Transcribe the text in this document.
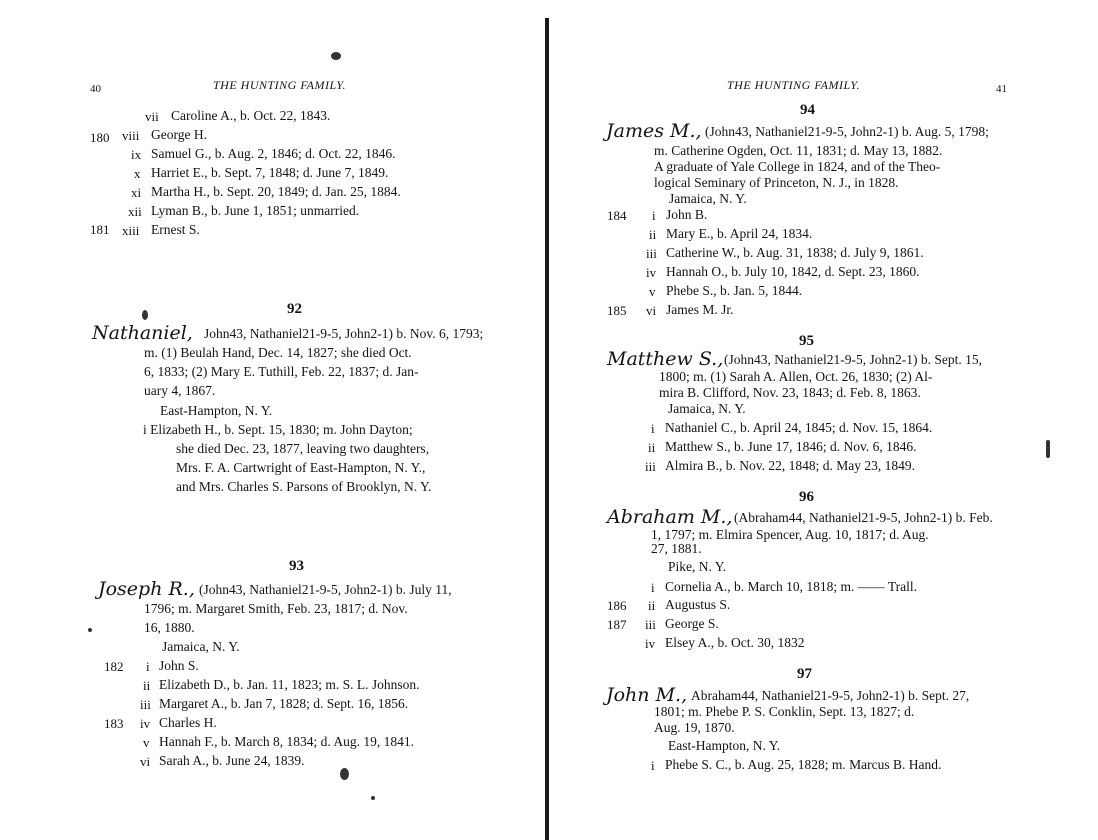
40	THE HUNTING FAMILY.
180
181
vii Caroline A., b. Oct. 22, 1843.
viii George H.
ix Samuel G., b. Aug. 2, 1846; d. Oct. 22, 1846.
x Harriet E., b. Sept. 7, 1848; d. June 7, 1849.
xi Martha H., b. Sept. 20, 1849; d. Jan. 25, 1884.
xii Lyman B., b. June 1, 1851; unmarried.
xiii Ernest S.
92
Nathaniel, John43, Nathaniel21-9-5, John2-1) b. Nov. 6, 1793;
m. (1) Beulah Hand, Dec. 14, 1827; she died Oct.
6, 1833; (2) Mary E. Tuthill, Feb. 22, 1837; d. Jan-
uary 4, 1867.
East-Hampton, N. Y.
i Elizabeth H., b. Sept. 15, 1830; m. John Dayton;
she died Dec. 23, 1877, leaving two daughters,
Mrs. F. A. Cartwright of East-Hampton, N. Y.,
and Mrs. Charles S. Parsons of Brooklyn, N. Y.
93
Joseph R., (John43, Nathaniel21-9-5, John2-1) b. July 11,
1796; m. Margaret Smith, Feb. 23, 1817; d. Nov.
16, 1880.
Jamaica, N. Y.
182
183
i John S.
ii Elizabeth D., b. Jan. 11, 1823; m. S. L. Johnson.
iii Margaret A., b. Jan 7, 1828; d. Sept. 16, 1856.
iv Charles H.
v Hannah F., b. March 8, 1834; d. Aug. 19, 1841.
vi Sarah A., b. June 24, 1839.
THE HUNTING FAMILY.	41
94
James M., (John43, Nathaniel21-9-5, John2-1) b. Aug. 5, 1798;
m. Catherine Ogden, Oct. 11, 1831; d. May 13, 1882.
A graduate of Yale College in 1824, and of the Theo-
logical Seminary of Princeton, N. J., in 1828.
Jamaica, N. Y.
184
185
i John B.
ii Mary E., b. April 24, 1834.
iii Catherine W., b. Aug. 31, 1838; d. July 9, 1861.
iv Hannah O., b. July 10, 1842, d. Sept. 23, 1860.
v Phebe S., b. Jan. 5, 1844.
vi James M. Jr.
95
Matthew S., (John43, Nathaniel21-9-5, John2-1) b. Sept. 15,
1800; m. (1) Sarah A. Allen, Oct. 26, 1830; (2) Al-
mira B. Clifford, Nov. 23, 1843; d. Feb. 8, 1863.
Jamaica, N. Y.
i Nathaniel C., b. April 24, 1845; d. Nov. 15, 1864.
ii Matthew S., b. June 17, 1846; d. Nov. 6, 1846.
iii Almira B., b. Nov. 22, 1848; d. May 23, 1849.
96
Abraham M., (Abraham44, Nathaniel21-9-5, John2-1) b. Feb.
1, 1797; m. Elmira Spencer, Aug. 10, 1817; d. Aug.
27, 1881.
Pike, N. Y.
186
187
i Cornelia A., b. March 10, 1818; m. —— Trall.
ii Augustus S.
iii George S.
iv Elsey A., b. Oct. 30, 1832
97
John M., Abraham44, Nathaniel21-9-5, John2-1) b. Sept. 27,
1801; m. Phebe P. S. Conklin, Sept. 13, 1827; d.
Aug. 19, 1870.
East-Hampton, N. Y.
i Phebe S. C., b. Aug. 25, 1828; m. Marcus B. Hand.
